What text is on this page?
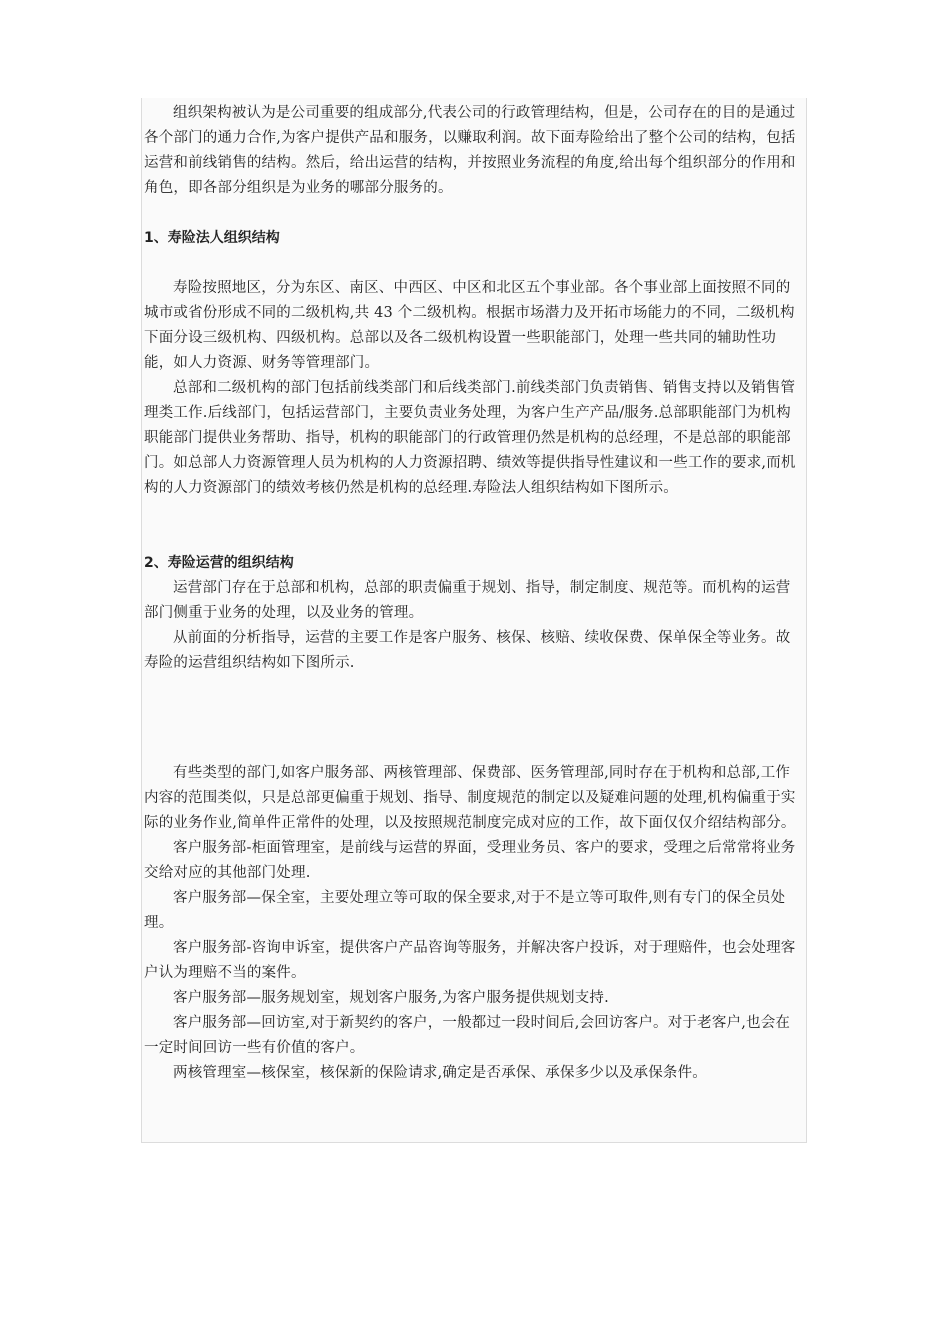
组织架构被认为是公司重要的组成部分,代表公司的行政管理结构，但是，公司存在的目的是通过各个部门的通力合作,为客户提供产品和服务，以赚取利润。故下面寿险给出了整个公司的结构，包括运营和前线销售的结构。然后，给出运营的结构，并按照业务流程的角度,给出每个组织部分的作用和角色，即各部分组织是为业务的哪部分服务的。

1、寿险法人组织结构

寿险按照地区，分为东区、南区、中西区、中区和北区五个事业部。各个事业部上面按照不同的城市或省份形成不同的二级机构,共 43 个二级机构。根据市场潜力及开拓市场能力的不同，二级机构下面分设三级机构、四级机构。总部以及各二级机构设置一些职能部门，处理一些共同的辅助性功能，如人力资源、财务等管理部门。

总部和二级机构的部门包括前线类部门和后线类部门.前线类部门负责销售、销售支持以及销售管理类工作.后线部门，包括运营部门，主要负责业务处理，为客户生产产品/服务.总部职能部门为机构职能部门提供业务帮助、指导，机构的职能部门的行政管理仍然是机构的总经理，不是总部的职能部门。如总部人力资源管理人员为机构的人力资源招聘、绩效等提供指导性建议和一些工作的要求,而机构的人力资源部门的绩效考核仍然是机构的总经理.寿险法人组织结构如下图所示。

2、寿险运营的组织结构

运营部门存在于总部和机构，总部的职责偏重于规划、指导，制定制度、规范等。而机构的运营部门侧重于业务的处理，以及业务的管理。

从前面的分析指导，运营的主要工作是客户服务、核保、核赔、续收保费、保单保全等业务。故寿险的运营组织结构如下图所示.

有些类型的部门,如客户服务部、两核管理部、保费部、医务管理部,同时存在于机构和总部,工作内容的范围类似，只是总部更偏重于规划、指导、制度规范的制定以及疑难问题的处理,机构偏重于实际的业务作业,简单件正常件的处理，以及按照规范制度完成对应的工作，故下面仅仅介绍结构部分。

客户服务部-柜面管理室，是前线与运营的界面，受理业务员、客户的要求，受理之后常常将业务交给对应的其他部门处理.

客户服务部—保全室，主要处理立等可取的保全要求,对于不是立等可取件,则有专门的保全员处理。

客户服务部-咨询申诉室，提供客户产品咨询等服务，并解决客户投诉，对于理赔件，也会处理客户认为理赔不当的案件。

客户服务部—服务规划室，规划客户服务,为客户服务提供规划支持.

客户服务部—回访室,对于新契约的客户，一般都过一段时间后,会回访客户。对于老客户,也会在一定时间回访一些有价值的客户。

两核管理室—核保室，核保新的保险请求,确定是否承保、承保多少以及承保条件。
